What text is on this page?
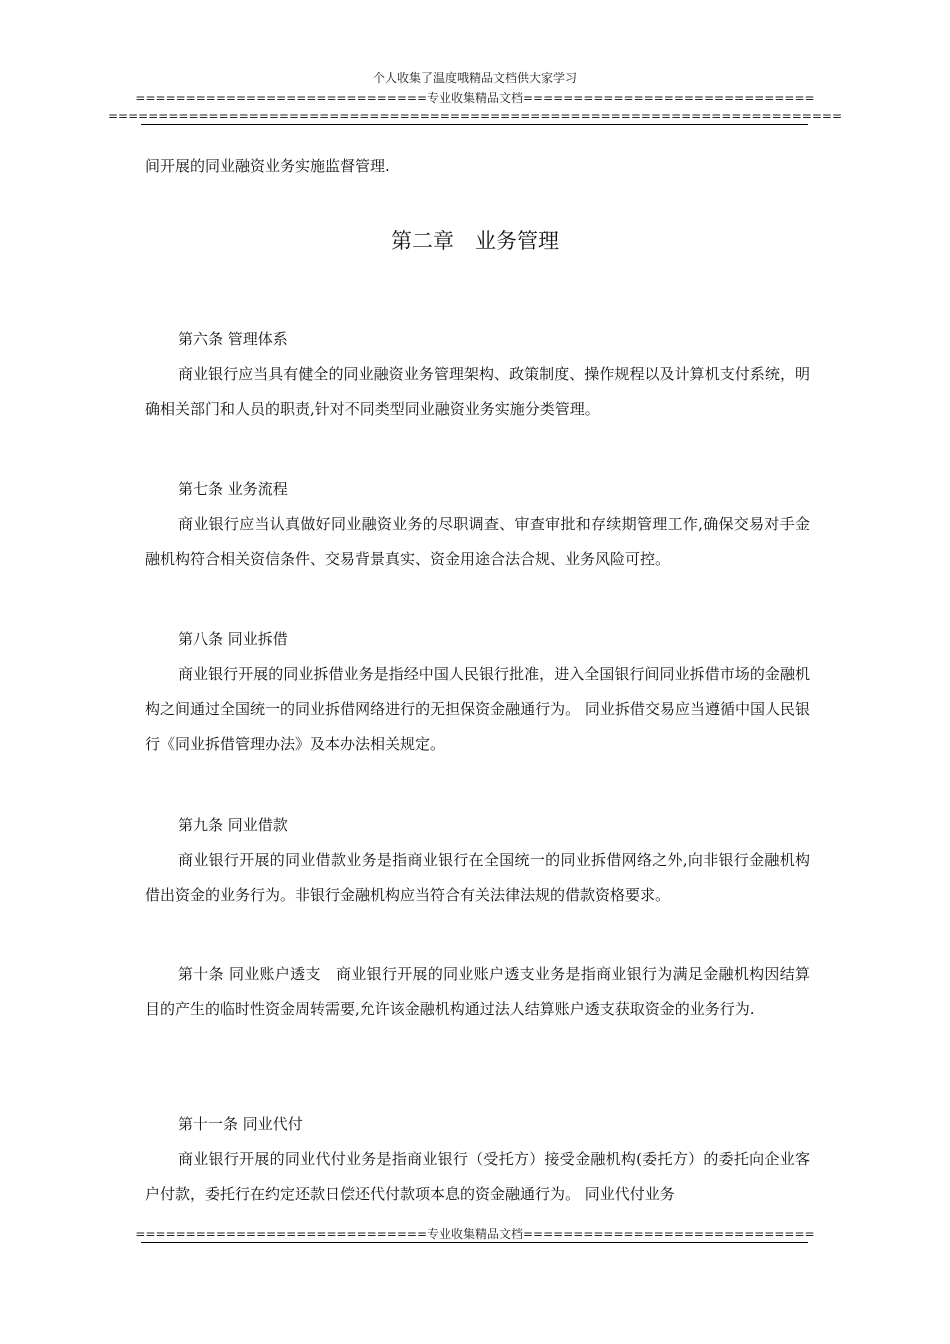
个人收集了温度哦精品文档供大家学习
=============================专业收集精品文档=============================
=========================================================================

间开展的同业融资业务实施监督管理.

第二章　业务管理

第六条 管理体系

商业银行应当具有健全的同业融资业务管理架构、政策制度、操作规程以及计算机支付系统，明确相关部门和人员的职责,针对不同类型同业融资业务实施分类管理。

第七条 业务流程

商业银行应当认真做好同业融资业务的尽职调查、审查审批和存续期管理工作,确保交易对手金融机构符合相关资信条件、交易背景真实、资金用途合法合规、业务风险可控。

第八条 同业拆借

商业银行开展的同业拆借业务是指经中国人民银行批准，进入全国银行间同业拆借市场的金融机构之间通过全国统一的同业拆借网络进行的无担保资金融通行为。 同业拆借交易应当遵循中国人民银行《同业拆借管理办法》及本办法相关规定。

第九条 同业借款

商业银行开展的同业借款业务是指商业银行在全国统一的同业拆借网络之外,向非银行金融机构借出资金的业务行为。非银行金融机构应当符合有关法律法规的借款资格要求。

第十条 同业账户透支　商业银行开展的同业账户透支业务是指商业银行为满足金融机构因结算目的产生的临时性资金周转需要,允许该金融机构通过法人结算账户透支获取资金的业务行为.

第十一条 同业代付

商业银行开展的同业代付业务是指商业银行（受托方）接受金融机构(委托方）的委托向企业客户付款，委托行在约定还款日偿还代付款项本息的资金融通行为。 同业代付业务

=============================专业收集精品文档=============================
